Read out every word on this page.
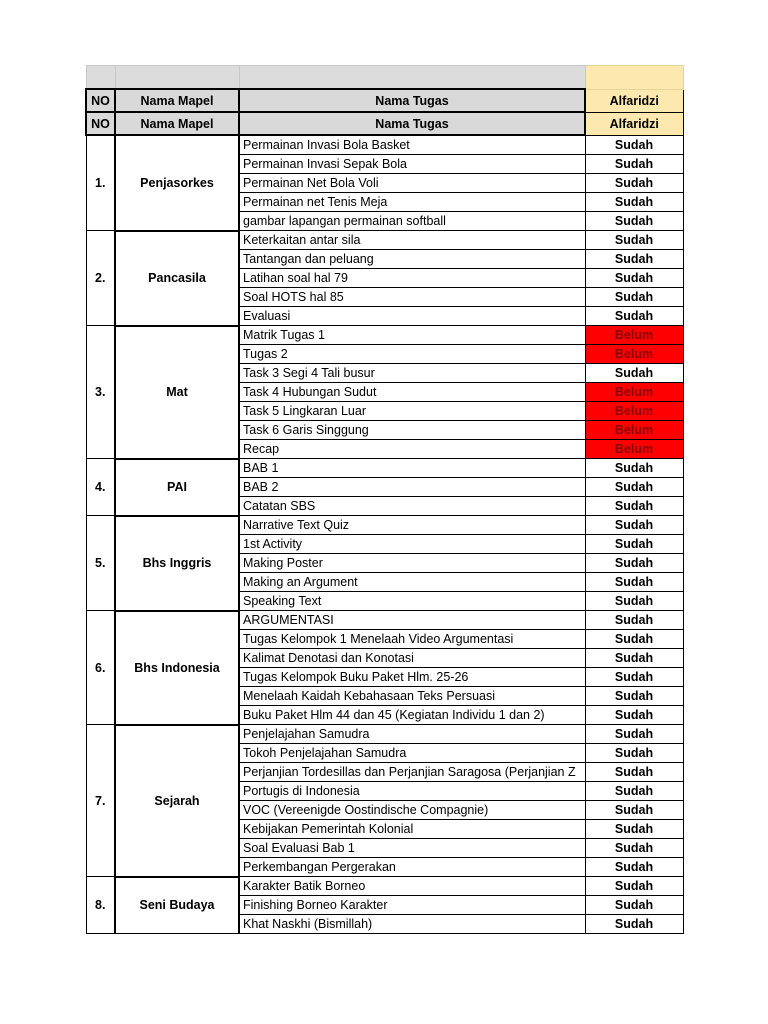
NO	Nama Mapel	Nama Tugas	Alfaridzi
NO	Nama Mapel	Nama Tugas	Alfaridzi
1.	Penjasorkes	Permainan Invasi Bola Basket	Sudah
		Permainan Invasi Sepak Bola	Sudah
		Permainan Net Bola Voli	Sudah
		Permainan net Tenis Meja	Sudah
		gambar lapangan permainan softball	Sudah
2.	Pancasila	Keterkaitan antar sila	Sudah
		Tantangan dan peluang	Sudah
		Latihan soal hal 79	Sudah
		Soal HOTS hal 85	Sudah
		Evaluasi	Sudah
3.	Mat	Matrik Tugas 1	Belum
		Tugas 2	Belum
		Task 3 Segi 4 Tali busur	Sudah
		Task 4 Hubungan Sudut	Belum
		Task 5 Lingkaran Luar	Belum
		Task 6 Garis Singgung	Belum
		Recap	Belum
4.	PAI	BAB 1	Sudah
		BAB 2	Sudah
		Catatan SBS	Sudah
5.	Bhs Inggris	Narrative Text Quiz	Sudah
		1st Activity	Sudah
		Making Poster	Sudah
		Making an Argument	Sudah
		Speaking Text	Sudah
6.	Bhs Indonesia	ARGUMENTASI	Sudah
		Tugas Kelompok 1 Menelaah Video Argumentasi	Sudah
		Kalimat Denotasi dan Konotasi	Sudah
		Tugas Kelompok Buku Paket Hlm. 25-26	Sudah
		Menelaah Kaidah Kebahasaan Teks Persuasi	Sudah
		Buku Paket Hlm 44 dan 45 (Kegiatan Individu 1 dan 2)	Sudah
7.	Sejarah	Penjelajahan Samudra	Sudah
		Tokoh Penjelajahan Samudra	Sudah
		Perjanjian Tordesillas dan Perjanjian Saragosa (Perjanjian Z	Sudah
		Portugis di Indonesia	Sudah
		VOC (Vereenigde Oostindische Compagnie)	Sudah
		Kebijakan Pemerintah Kolonial	Sudah
		Soal Evaluasi Bab 1	Sudah
		Perkembangan Pergerakan	Sudah
8.	Seni Budaya	Karakter Batik Borneo	Sudah
		Finishing Borneo Karakter	Sudah
		Khat Naskhi (Bismillah)	Sudah
